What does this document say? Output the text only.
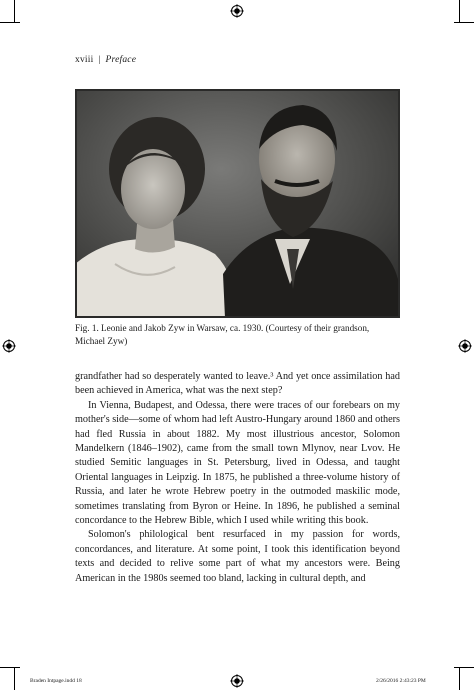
xviii | Preface
Fig. 1. Leonie and Jakob Zyw in Warsaw, ca. 1930. (Courtesy of their grandson, Michael Zyw)

grandfather had so desperately wanted to leave.³ And yet once assimilation had been achieved in America, what was the next step?

In Vienna, Budapest, and Odessa, there were traces of our forebears on my mother's side—some of whom had left Austro-Hungary around 1860 and others had fled Russia in about 1882. My most illustrious ancestor, Solomon Mandelkern (1846–1902), came from the small town Mlynov, near Lvov. He studied Semitic languages in St. Petersburg, lived in Odessa, and taught Oriental languages in Leipzig. In 1875, he published a three-volume history of Russia, and later he wrote Hebrew poetry in the outmoded maskilic mode, sometimes translating from Byron or Heine. In 1896, he published a seminal concordance to the Hebrew Bible, which I used while writing this book.

Solomon's philological bent resurfaced in my passion for words, concordances, and literature. At some point, I took this identification beyond texts and decided to relive some part of what my ancestors were. Being American in the 1980s seemed too bland, lacking in cultural depth, and

Braden Intpage.indd 18	2/26/2016 2:43:23 PM
